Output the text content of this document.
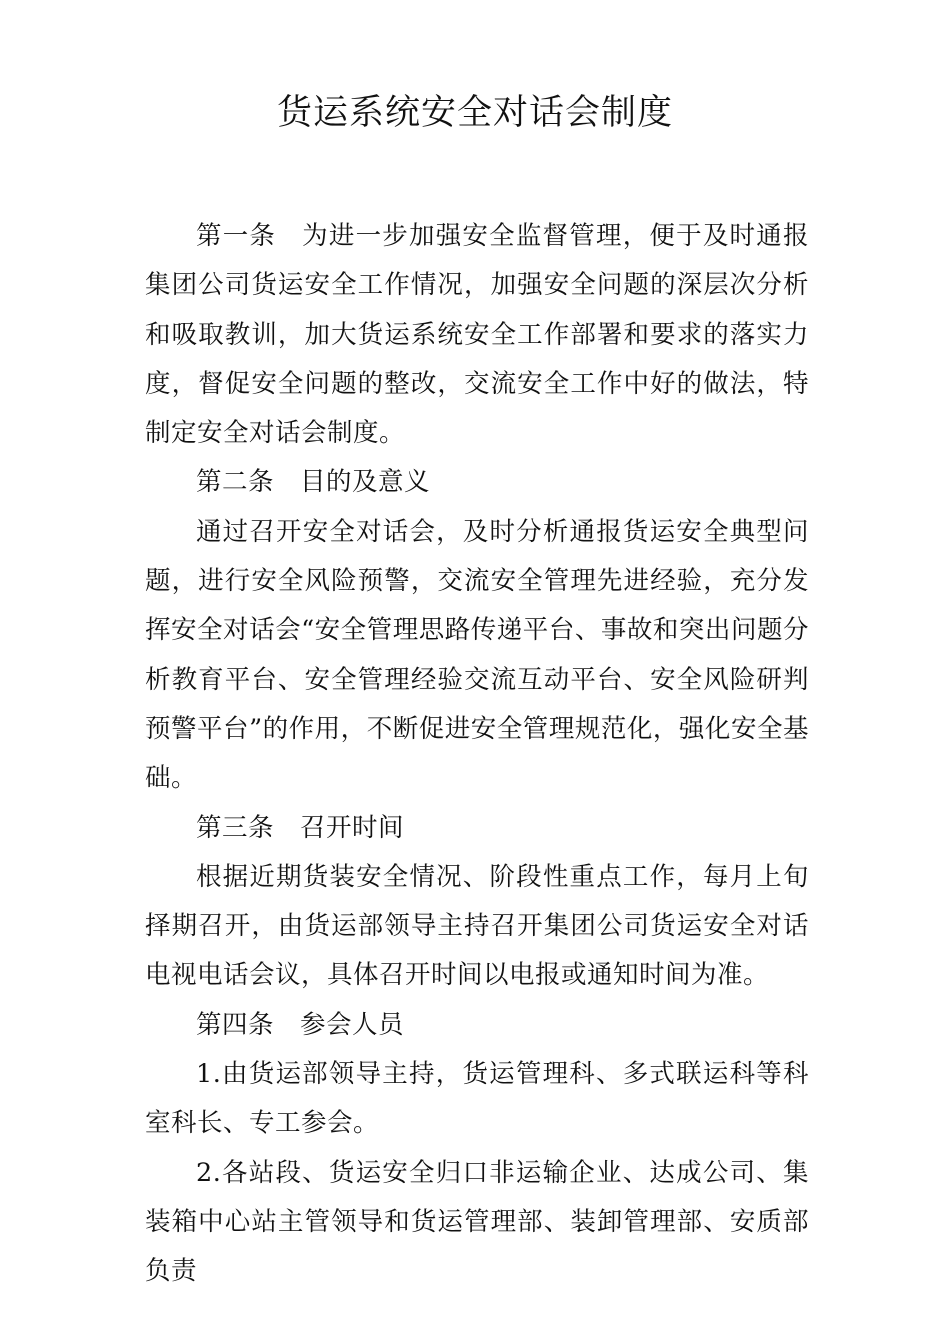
货运系统安全对话会制度

第一条 为进一步加强安全监督管理，便于及时通报集团公司货运安全工作情况，加强安全问题的深层次分析和吸取教训，加大货运系统安全工作部署和要求的落实力度，督促安全问题的整改，交流安全工作中好的做法，特制定安全对话会制度。

第二条 目的及意义

通过召开安全对话会，及时分析通报货运安全典型问题，进行安全风险预警，交流安全管理先进经验，充分发挥安全对话会“安全管理思路传递平台、事故和突出问题分析教育平台、安全管理经验交流互动平台、安全风险研判预警平台”的作用，不断促进安全管理规范化，强化安全基础。

第三条 召开时间

根据近期货装安全情况、阶段性重点工作，每月上旬择期召开，由货运部领导主持召开集团公司货运安全对话电视电话会议，具体召开时间以电报或通知时间为准。

第四条 参会人员

1.由货运部领导主持，货运管理科、多式联运科等科室科长、专工参会。

2.各站段、货运安全归口非运输企业、达成公司、集装箱中心站主管领导和货运管理部、装卸管理部、安质部负责
